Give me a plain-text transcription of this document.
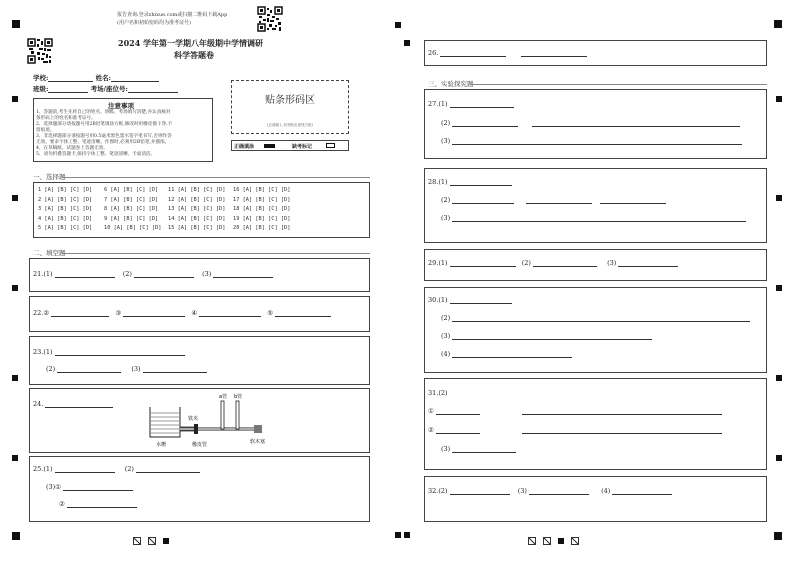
报告查询:登录zhixue.com或扫描二维码下载App
(用户名和初始密码均为准考证号)
2024 学年第一学期八年级期中学情调研
科学答题卷
学校:	姓名:
班级:	考场/座位号:
注意事项
1、答题前,考生先将自己的姓名、班级、考场填写清楚,并认真核对
条形码上的姓名和准考证号。
2、选择题部分请按题号用2B铅笔填涂方框,修改时用橡皮擦干净,不
留痕迹。
3、非选择题部分请按题号用0.5毫米黑色墨水签字笔书写,否则作答
无效。要求字体工整、笔迹清晰。作图时,必须用2B铅笔,并描浓。
4、在草稿纸、试题卷上答题无效。
5、请勿折叠答题卡,保持字体工整、笔迹清晰、卡面清洁。
贴条形码区
(正面朝上,切勿贴出虚线方框)
正确填涂	缺考标记
一、选择题
1 [A] [B] [C] [D] 6 [A] [B] [C] [D] 11 [A] [B] [C] [D] 16 [A] [B] [C] [D]
2 [A] [B] [C] [D] 7 [A] [B] [C] [D] 12 [A] [B] [C] [D] 17 [A] [B] [C] [D]
3 [A] [B] [C] [D] 8 [A] [B] [C] [D] 13 [A] [B] [C] [D] 18 [A] [B] [C] [D]
4 [A] [B] [C] [D] 9 [A] [B] [C] [D] 14 [A] [B] [C] [D] 19 [A] [B] [C] [D]
5 [A] [B] [C] [D] 10 [A] [B] [C] [D] 15 [A] [B] [C] [D] 20 [A] [B] [C] [D]
二、填空题
21.(1)	(2)	(3)
22.②	③	④	⑤
23.(1)
(2)	(3)
24.
a管 b管
铁夹
水槽	橡皮管	软木塞
25.(1)	(2)
(3)①
②

26.
三、实验探究题
27.(1)
(2)
(3)
28.(1)
(2)
(3)
29.(1)	(2)	(3)
30.(1)
(2)
(3)
(4)
31.(2)
①
②
(3)
32.(2)	(3)	(4)
